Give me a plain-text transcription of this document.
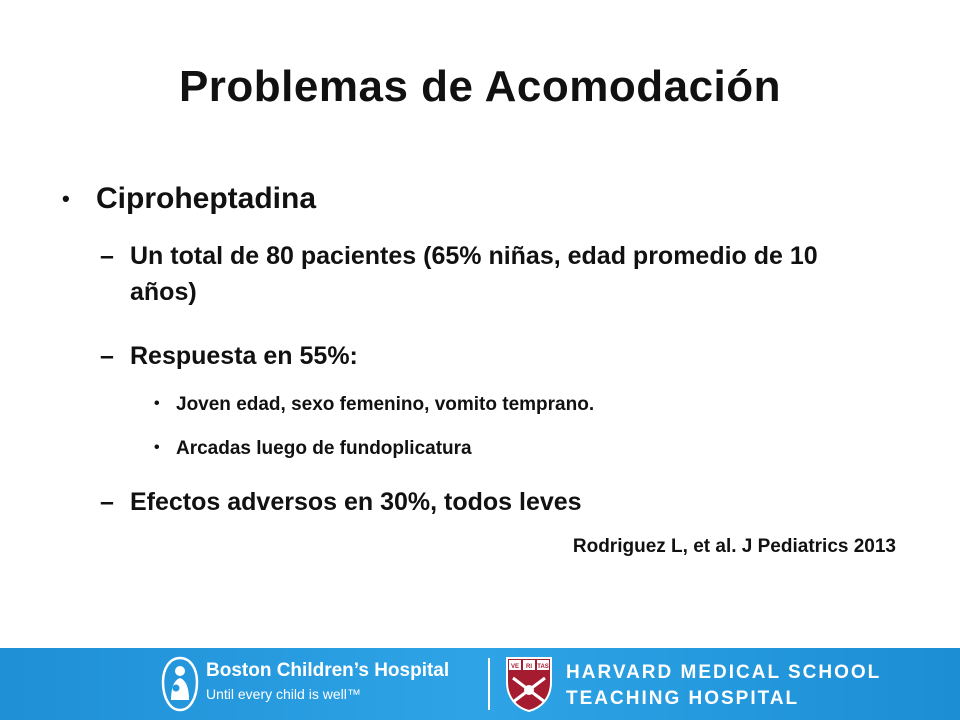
Problemas de Acomodación
• Ciproheptadina
– Un total de 80 pacientes (65% niñas, edad promedio de 10 años)
– Respuesta en 55%:
• Joven edad, sexo femenino, vomito temprano.
• Arcadas luego de fundoplicatura
– Efectos adversos en 30%, todos leves
Rodriguez L, et al. J Pediatrics 2013
Boston Children’s Hospital
Until every child is well™
VE RI TAS HARVARD MEDICAL SCHOOL
TEACHING HOSPITAL
